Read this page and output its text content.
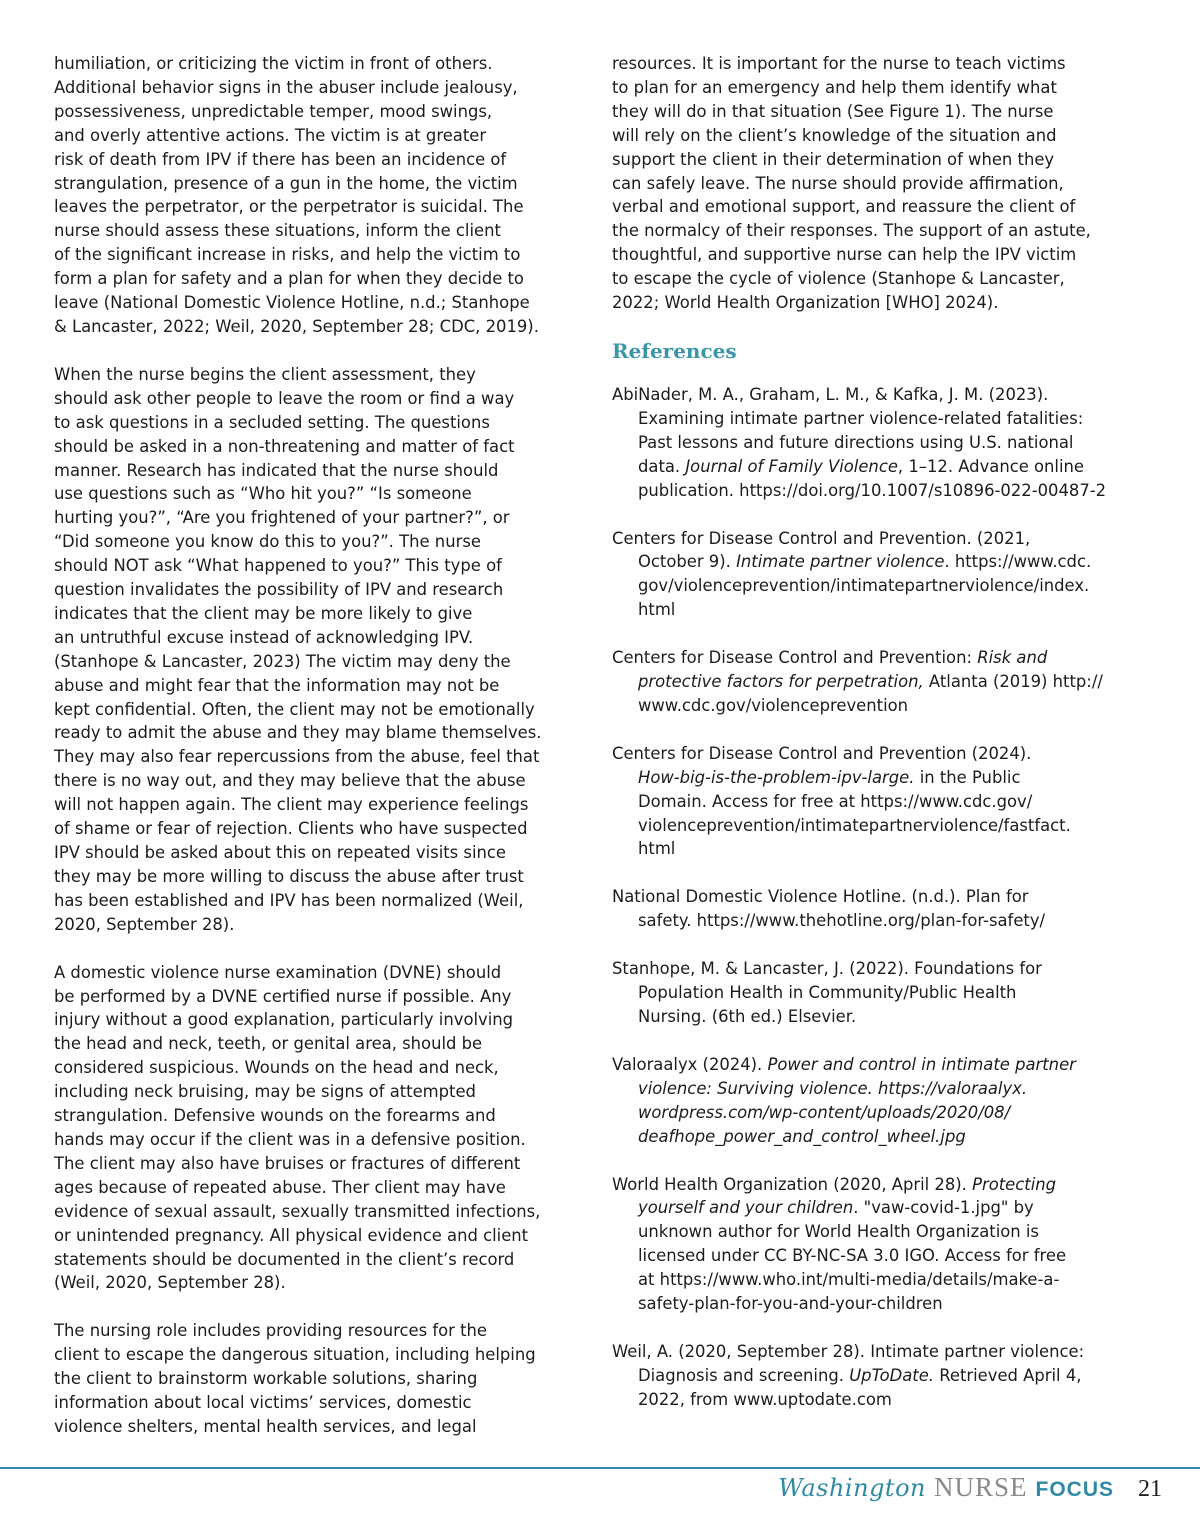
humiliation, or criticizing the victim in front of others.
Additional behavior signs in the abuser include jealousy,
possessiveness, unpredictable temper, mood swings,
and overly attentive actions. The victim is at greater
risk of death from IPV if there has been an incidence of
strangulation, presence of a gun in the home, the victim
leaves the perpetrator, or the perpetrator is suicidal. The
nurse should assess these situations, inform the client
of the significant increase in risks, and help the victim to
form a plan for safety and a plan for when they decide to
leave (National Domestic Violence Hotline, n.d.; Stanhope
& Lancaster, 2022; Weil, 2020, September 28; CDC, 2019).

When the nurse begins the client assessment, they
should ask other people to leave the room or find a way
to ask questions in a secluded setting. The questions
should be asked in a non-threatening and matter of fact
manner. Research has indicated that the nurse should
use questions such as “Who hit you?” “Is someone
hurting you?”, “Are you frightened of your partner?”, or
“Did someone you know do this to you?”. The nurse
should NOT ask “What happened to you?” This type of
question invalidates the possibility of IPV and research
indicates that the client may be more likely to give
an untruthful excuse instead of acknowledging IPV.
(Stanhope & Lancaster, 2023) The victim may deny the
abuse and might fear that the information may not be
kept confidential. Often, the client may not be emotionally
ready to admit the abuse and they may blame themselves.
They may also fear repercussions from the abuse, feel that
there is no way out, and they may believe that the abuse
will not happen again. The client may experience feelings
of shame or fear of rejection. Clients who have suspected
IPV should be asked about this on repeated visits since
they may be more willing to discuss the abuse after trust
has been established and IPV has been normalized (Weil,
2020, September 28).

A domestic violence nurse examination (DVNE) should
be performed by a DVNE certified nurse if possible. Any
injury without a good explanation, particularly involving
the head and neck, teeth, or genital area, should be
considered suspicious. Wounds on the head and neck,
including neck bruising, may be signs of attempted
strangulation. Defensive wounds on the forearms and
hands may occur if the client was in a defensive position.
The client may also have bruises or fractures of different
ages because of repeated abuse. Ther client may have
evidence of sexual assault, sexually transmitted infections,
or unintended pregnancy. All physical evidence and client
statements should be documented in the client’s record
(Weil, 2020, September 28).

The nursing role includes providing resources for the
client to escape the dangerous situation, including helping
the client to brainstorm workable solutions, sharing
information about local victims’ services, domestic
violence shelters, mental health services, and legal

resources. It is important for the nurse to teach victims
to plan for an emergency and help them identify what
they will do in that situation (See Figure 1). The nurse
will rely on the client’s knowledge of the situation and
support the client in their determination of when they
can safely leave. The nurse should provide affirmation,
verbal and emotional support, and reassure the client of
the normalcy of their responses. The support of an astute,
thoughtful, and supportive nurse can help the IPV victim
to escape the cycle of violence (Stanhope & Lancaster,
2022; World Health Organization [WHO] 2024).

References
AbiNader, M. A., Graham, L. M., & Kafka, J. M. (2023).
Examining intimate partner violence-related fatalities:
Past lessons and future directions using U.S. national
data. Journal of Family Violence, 1–12. Advance online
publication. https://doi.org/10.1007/s10896-022-00487-2
Centers for Disease Control and Prevention. (2021,
October 9). Intimate partner violence. https://www.cdc.
gov/violenceprevention/intimatepartnerviolence/index.
html
Centers for Disease Control and Prevention: Risk and
protective factors for perpetration, Atlanta (2019) http://
www.cdc.gov/violenceprevention
Centers for Disease Control and Prevention (2024).
How-big-is-the-problem-ipv-large. in the Public
Domain. Access for free at https://www.cdc.gov/
violenceprevention/intimatepartnerviolence/fastfact.
html
National Domestic Violence Hotline. (n.d.). Plan for
safety. https://www.thehotline.org/plan-for-safety/
Stanhope, M. & Lancaster, J. (2022). Foundations for
Population Health in Community/Public Health
Nursing. (6th ed.) Elsevier.
Valoraalyx (2024). Power and control in intimate partner
violence: Surviving violence. https://valoraalyx.
wordpress.com/wp-content/uploads/2020/08/
deafhope_power_and_control_wheel.jpg
World Health Organization (2020, April 28). Protecting
yourself and your children. "vaw-covid-1.jpg" by
unknown author for World Health Organization is
licensed under CC BY-NC-SA 3.0 IGO. Access for free
at https://www.who.int/multi-media/details/make-a-
safety-plan-for-you-and-your-children
Weil, A. (2020, September 28). Intimate partner violence:
Diagnosis and screening. UpToDate. Retrieved April 4,
2022, from www.uptodate.com
Washington NURSE FOCUS 21
